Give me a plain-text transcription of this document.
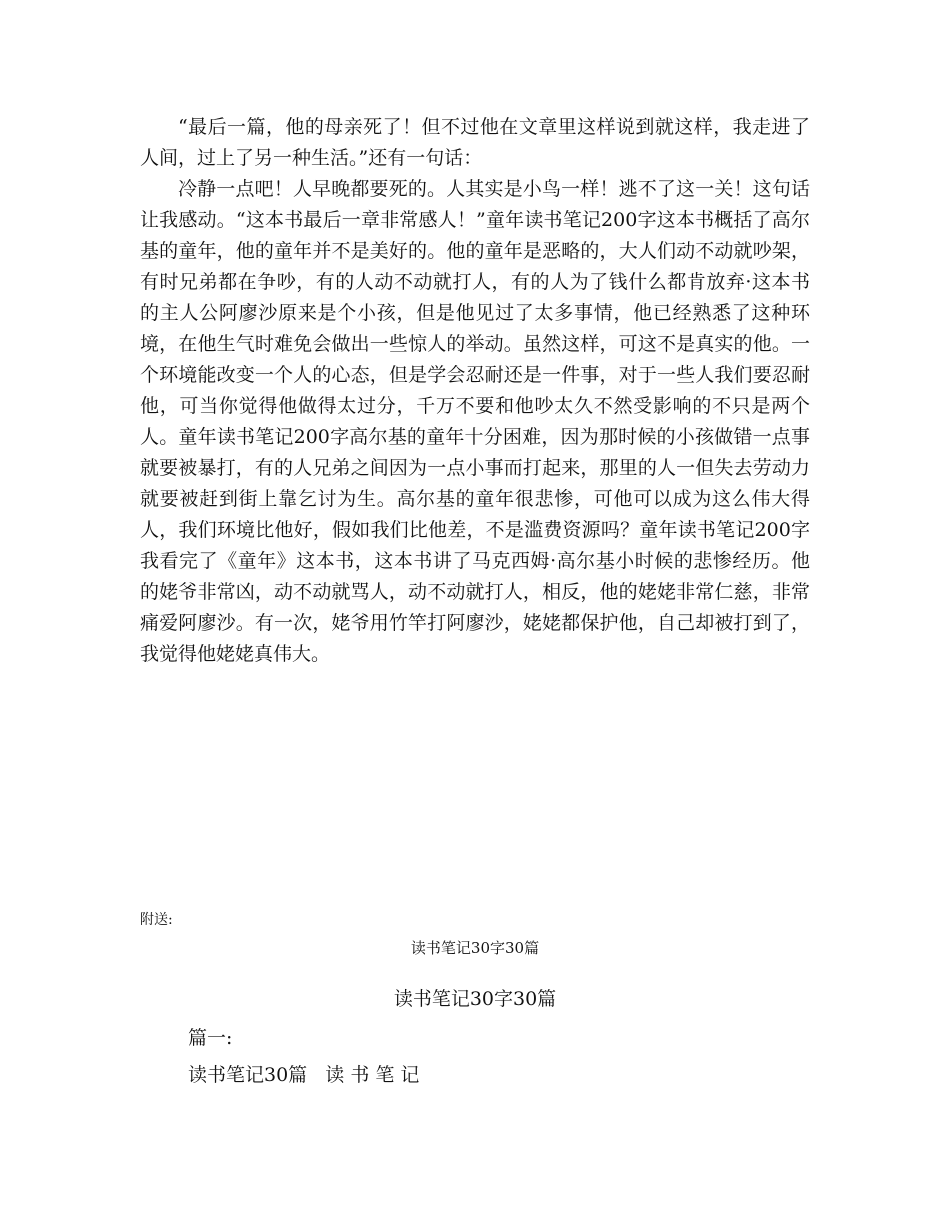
“最后一篇，他的母亲死了！但不过他在文章里这样说到就这样，我走进了人间，过上了另一种生活。”还有一句话：

冷静一点吧！人早晚都要死的。人其实是小鸟一样！逃不了这一关！这句话让我感动。“这本书最后一章非常感人！”童年读书笔记200字这本书概括了高尔基的童年，他的童年并不是美好的。他的童年是恶略的，大人们动不动就吵架，有时兄弟都在争吵，有的人动不动就打人，有的人为了钱什么都肯放弃·这本书的主人公阿廖沙原来是个小孩，但是他见过了太多事情，他已经熟悉了这种环境，在他生气时难免会做出一些惊人的举动。虽然这样，可这不是真实的他。一个环境能改变一个人的心态，但是学会忍耐还是一件事，对于一些人我们要忍耐他，可当你觉得他做得太过分，千万不要和他吵太久不然受影响的不只是两个人。童年读书笔记200字高尔基的童年十分困难，因为那时候的小孩做错一点事就要被暴打，有的人兄弟之间因为一点小事而打起来，那里的人一但失去劳动力就要被赶到街上靠乞讨为生。高尔基的童年很悲惨，可他可以成为这么伟大得人，我们环境比他好，假如我们比他差，不是滥费资源吗？童年读书笔记200字我看完了《童年》这本书，这本书讲了马克西姆·高尔基小时候的悲惨经历。他的姥爷非常凶，动不动就骂人，动不动就打人，相反，他的姥姥非常仁慈，非常痛爱阿廖沙。有一次，姥爷用竹竿打阿廖沙，姥姥都保护他，自己却被打到了，我觉得他姥姥真伟大。

附送:
读书笔记30字30篇
读书笔记30字30篇
篇一:
读书笔记30篇   读 书 笔 记
